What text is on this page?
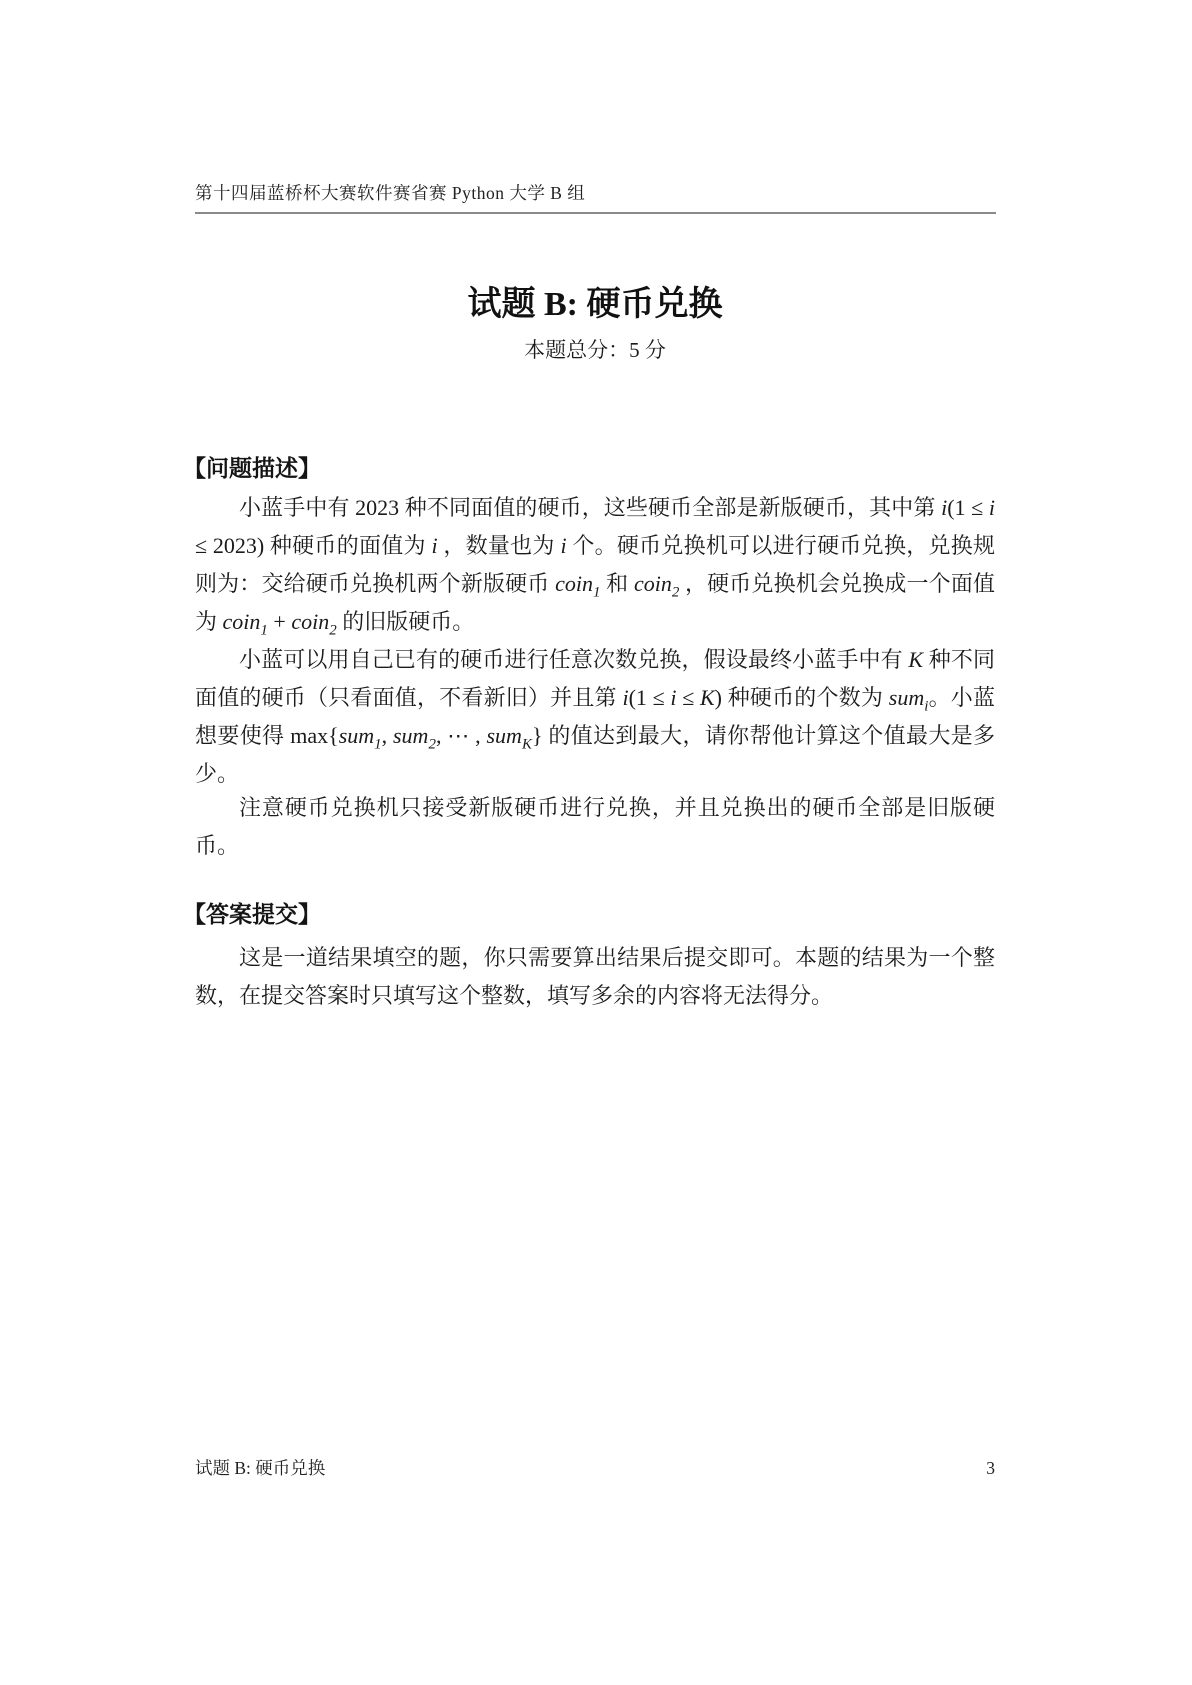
第十四届蓝桥杯大赛软件赛省赛 Python 大学 B 组
试题 B: 硬币兑换
本题总分：5 分
【问题描述】

小蓝手中有 2023 种不同面值的硬币，这些硬币全部是新版硬币，其中第 i(1 ≤ i ≤ 2023) 种硬币的面值为 i ，数量也为 i 个。硬币兑换机可以进行硬币兑换，兑换规则为：交给硬币兑换机两个新版硬币 coin$_1$ 和 coin$_2$ ，硬币兑换机会兑换成一个面值为 coin$_1$ + coin$_2$ 的旧版硬币。

小蓝可以用自己已有的硬币进行任意次数兑换，假设最终小蓝手中有 K 种不同面值的硬币（只看面值，不看新旧）并且第 i(1 ≤ i ≤ K) 种硬币的个数为 sum$_i$。小蓝想要使得 max{sum$_1$, sum$_2$, ⋯ , sum$_K$} 的值达到最大，请你帮他计算这个值最大是多少。

注意硬币兑换机只接受新版硬币进行兑换，并且兑换出的硬币全部是旧版硬币。

【答案提交】

这是一道结果填空的题，你只需要算出结果后提交即可。本题的结果为一个整数，在提交答案时只填写这个整数，填写多余的内容将无法得分。

试题 B: 硬币兑换	3
